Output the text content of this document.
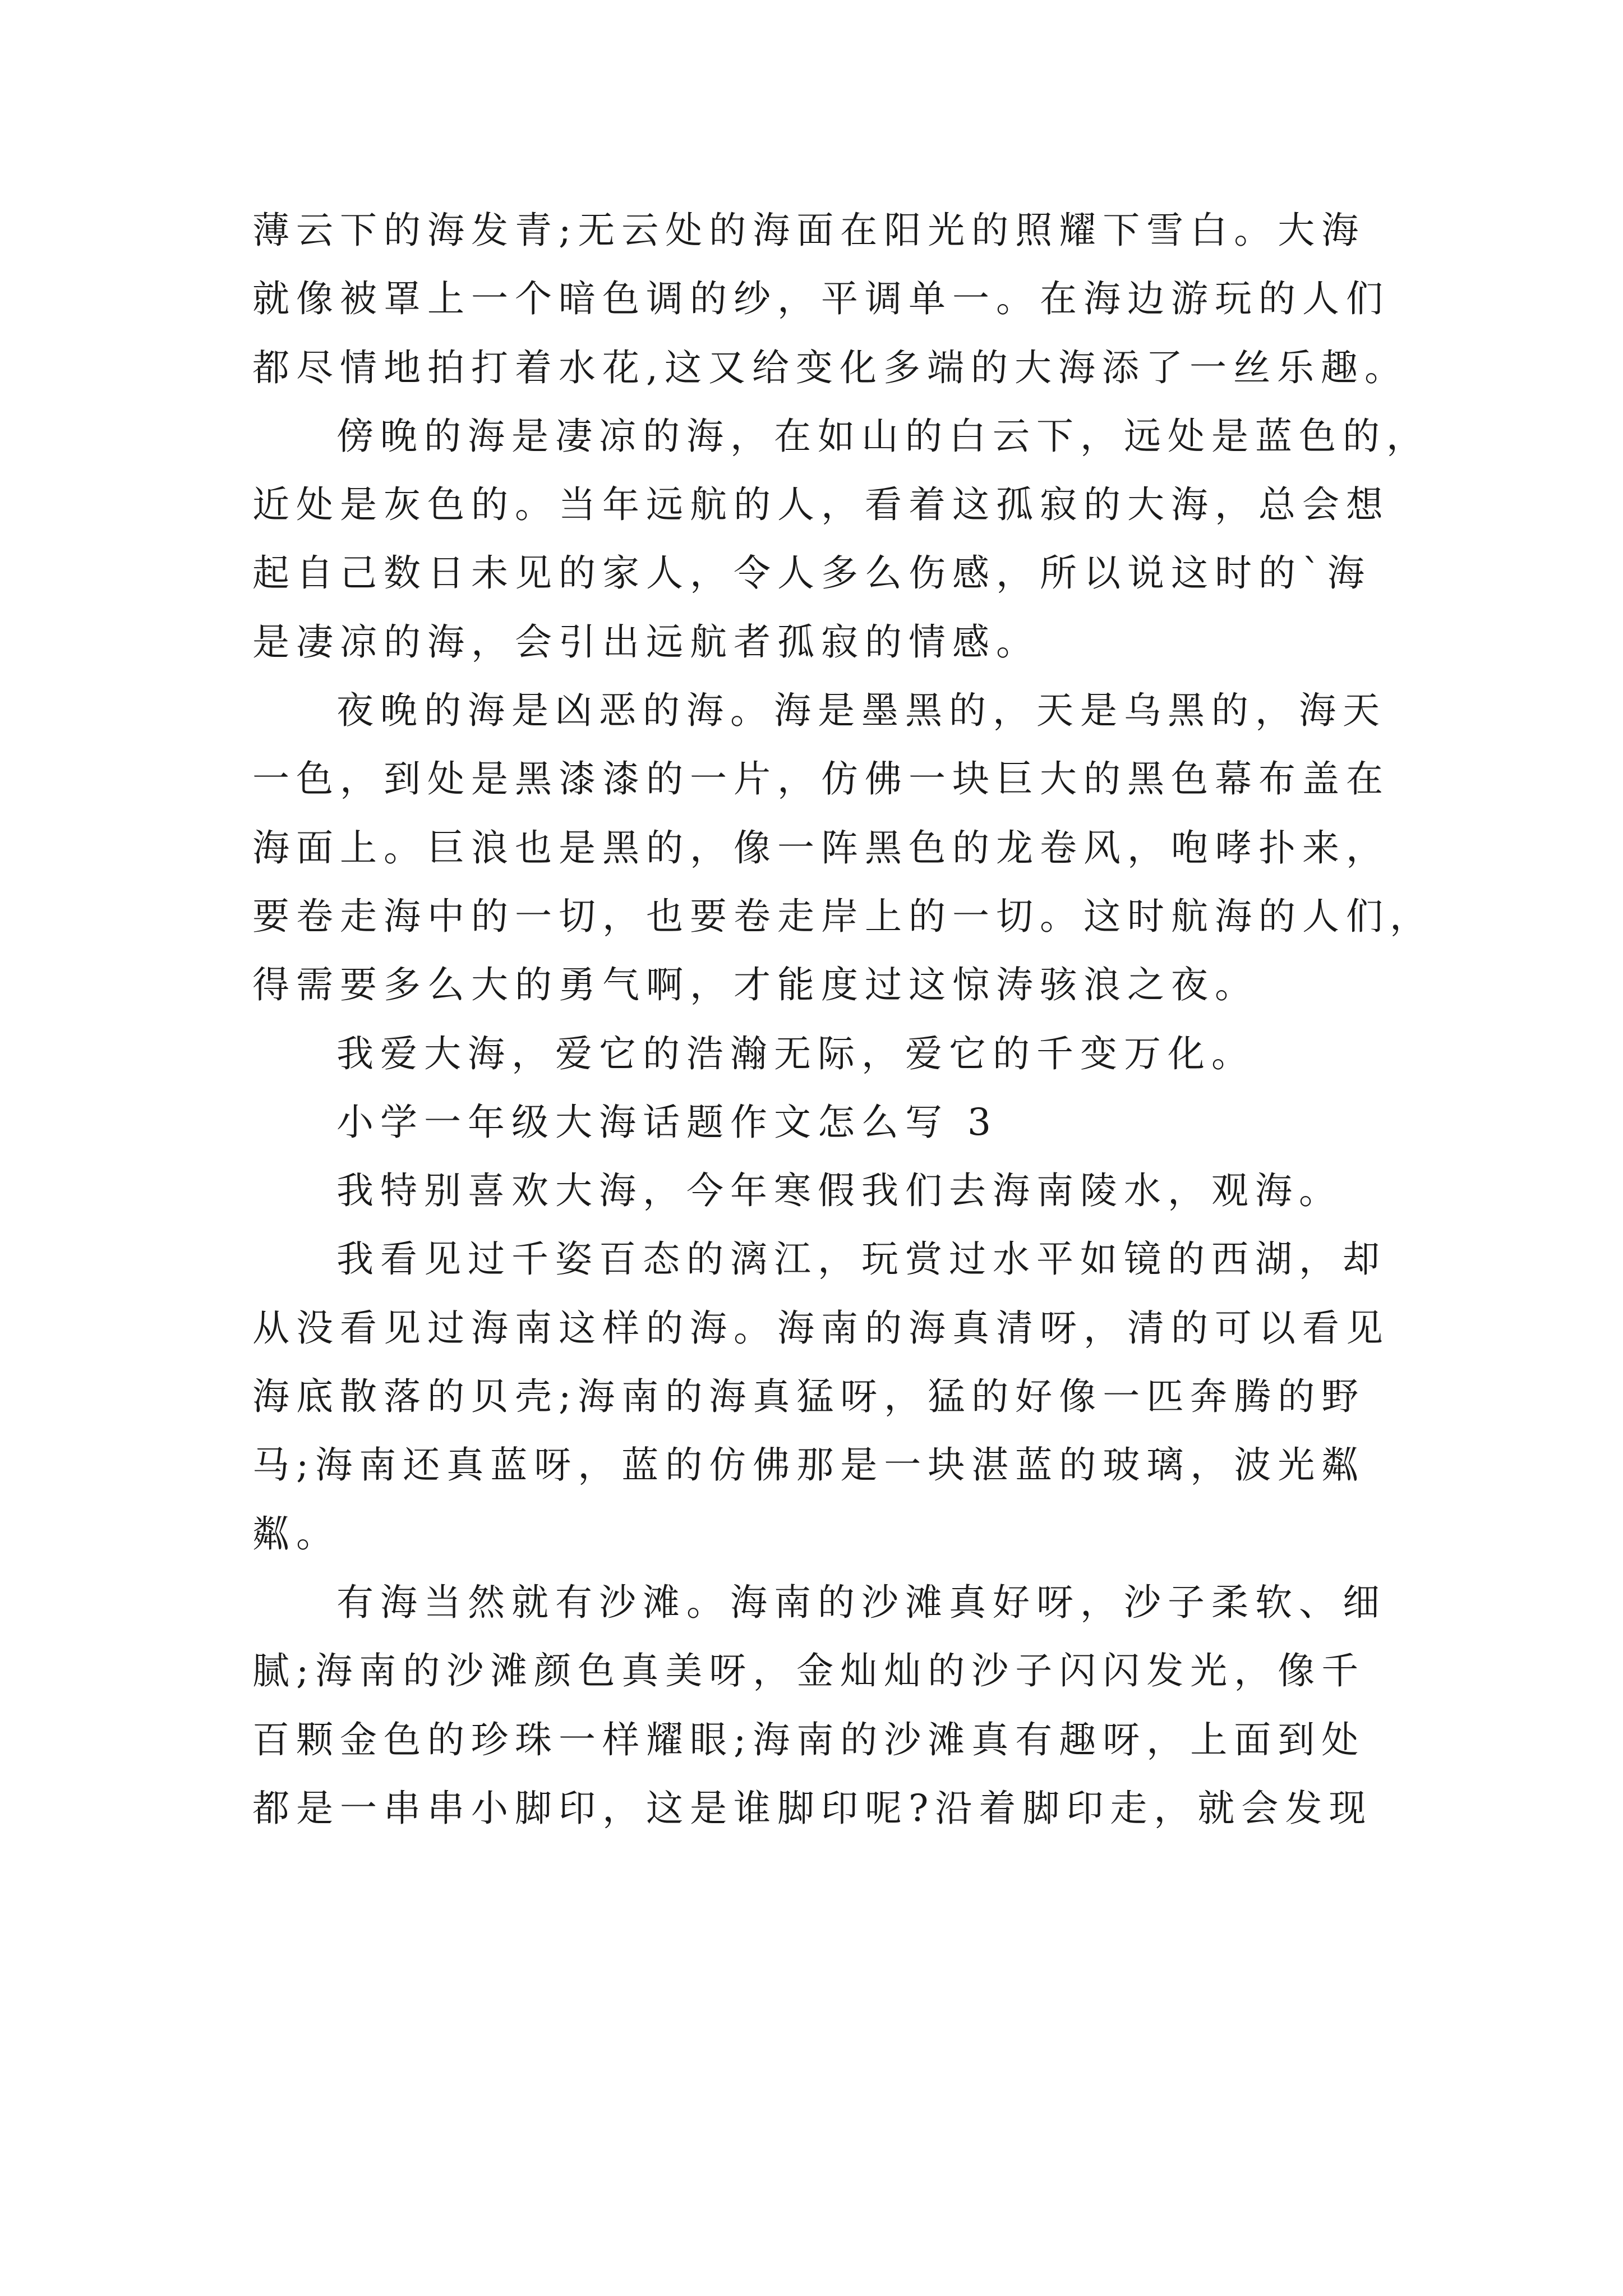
薄云下的海发青;无云处的海面在阳光的照耀下雪白。大海
就像被罩上一个暗色调的纱，平调单一。在海边游玩的人们
都尽情地拍打着水花,这又给变化多端的大海添了一丝乐趣。
傍晚的海是凄凉的海，在如山的白云下，远处是蓝色的，
近处是灰色的。当年远航的人，看着这孤寂的大海，总会想
起自己数日未见的家人，令人多么伤感，所以说这时的`海
是凄凉的海，会引出远航者孤寂的情感。
夜晚的海是凶恶的海。海是墨黑的，天是乌黑的，海天
一色，到处是黑漆漆的一片，仿佛一块巨大的黑色幕布盖在
海面上。巨浪也是黑的，像一阵黑色的龙卷风，咆哮扑来，
要卷走海中的一切，也要卷走岸上的一切。这时航海的人们，
得需要多么大的勇气啊，才能度过这惊涛骇浪之夜。
我爱大海，爱它的浩瀚无际，爱它的千变万化。
小学一年级大海话题作文怎么写 3
我特别喜欢大海，今年寒假我们去海南陵水，观海。
我看见过千姿百态的漓江，玩赏过水平如镜的西湖，却
从没看见过海南这样的海。海南的海真清呀，清的可以看见
海底散落的贝壳;海南的海真猛呀，猛的好像一匹奔腾的野
马;海南还真蓝呀，蓝的仿佛那是一块湛蓝的玻璃，波光粼
粼。
有海当然就有沙滩。海南的沙滩真好呀，沙子柔软、细
腻;海南的沙滩颜色真美呀，金灿灿的沙子闪闪发光，像千
百颗金色的珍珠一样耀眼;海南的沙滩真有趣呀，上面到处
都是一串串小脚印，这是谁脚印呢?沿着脚印走，就会发现
